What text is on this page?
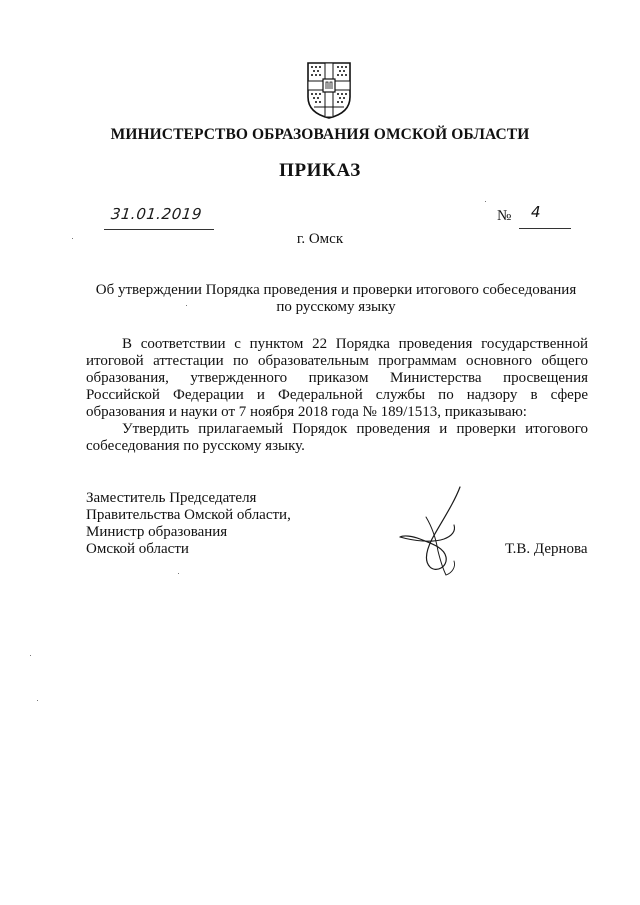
МИНИСТЕРСТВО ОБРАЗОВАНИЯ ОМСКОЙ ОБЛАСТИ
ПРИКАЗ
31.01.2019	№ 4
г. Омск
Об утверждении Порядка проведения и проверки итогового собеседования
по русскому языку

В соответствии с пунктом 22 Порядка проведения государственной итоговой аттестации по образовательным программам основного общего образования, утвержденного приказом Министерства просвещения Российской Федерации и Федеральной службы по надзору в сфере образования и науки от 7 ноября 2018 года № 189/1513, приказываю:

Утвердить прилагаемый Порядок проведения и проверки итогового собеседования по русскому языку.

Заместитель Председателя
Правительства Омской области,
Министр образования
Омской области	Т.В. Дернова
